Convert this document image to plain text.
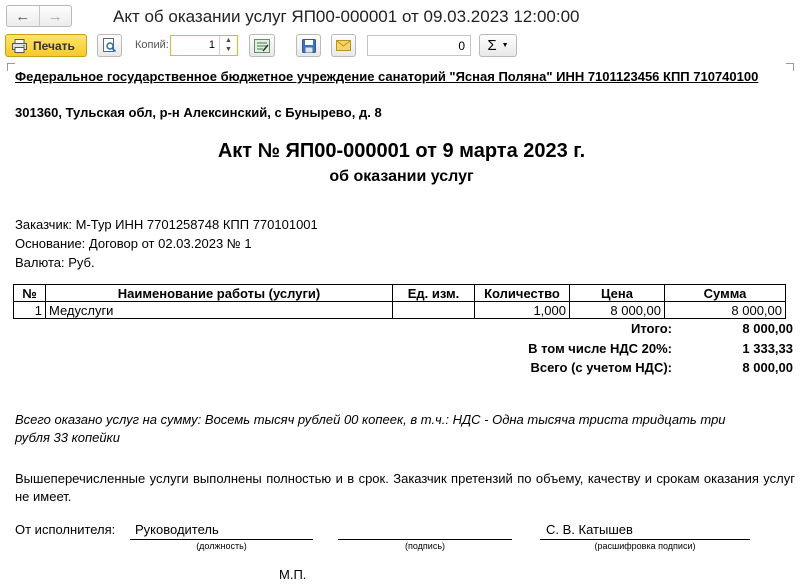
← →	Акт об оказании услуг ЯП00-000001 от 09.03.2023 12:00:00
Печать	Копий:	1	▲
▼	0	Σ ▼
Федеральное государственное бюджетное учреждение санаторий "Ясная Поляна" ИНН 7101123456 КПП 710740100
301360, Тульская обл, р-н Алексинский, с Буныревo, д. 8
Акт № ЯП00-000001 от 9 марта 2023 г.
об оказании услуг
Заказчик: М-Тур ИНН 7701258748 КПП 770101001
Основание: Договор от 02.03.2023 № 1
Валюта: Руб.
№	Наименование работы (услуги)	Ед. изм.	Количество	Цена	Сумма
1	Медуслуги		1,000	8 000,00	8 000,00
Итого:	8 000,00
В том числе НДС 20%:	1 333,33
Всего (с учетом НДС):	8 000,00
Всего оказано услуг на сумму: Восемь тысяч рублей 00 копеек, в т.ч.: НДС - Одна тысяча триста тридцать три рубля 33 копейки
Вышеперечисленные услуги выполнены полностью и в срок. Заказчик претензий по объему, качеству и срокам оказания услуг не имеет.
От исполнителя: Руководитель
(должность)	(подпись)
С. В. Катышев
(расшифровка подписи)
М.П.
